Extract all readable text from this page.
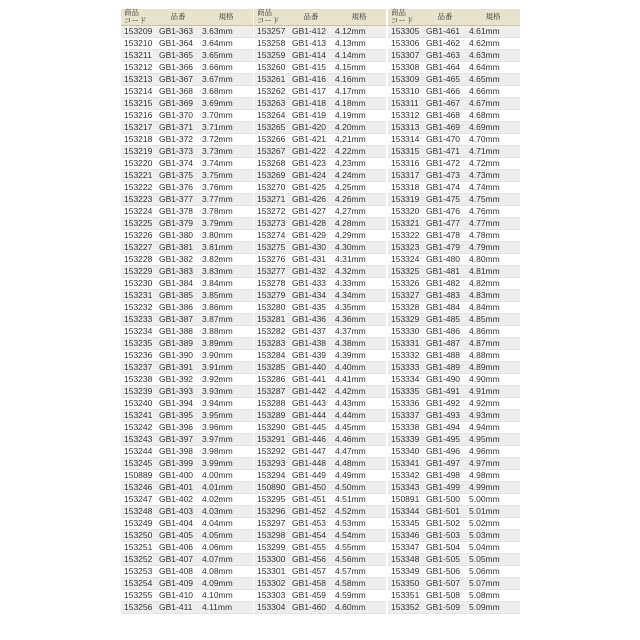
商品
コード	品番	規格
153209	GB1-363	3.63mm
153210	GB1-364	3.64mm
153211	GB1-365	3.65mm
153212	GB1-366	3.66mm
153213	GB1-367	3.67mm
153214	GB1-368	3.68mm
153215	GB1-369	3.69mm
153216	GB1-370	3.70mm
153217	GB1-371	3.71mm
153218	GB1-372	3.72mm
153219	GB1-373	3.73mm
153220	GB1-374	3.74mm
153221	GB1-375	3.75mm
153222	GB1-376	3.76mm
153223	GB1-377	3.77mm
153224	GB1-378	3.78mm
153225	GB1-379	3.79mm
153226	GB1-380	3.80mm
153227	GB1-381	3.81mm
153228	GB1-382	3.82mm
153229	GB1-383	3.83mm
153230	GB1-384	3.84mm
153231	GB1-385	3.85mm
153232	GB1-386	3.86mm
153233	GB1-387	3.87mm
153234	GB1-388	3.88mm
153235	GB1-389	3.89mm
153236	GB1-390	3.90mm
153237	GB1-391	3.91mm
153238	GB1-392	3.92mm
153239	GB1-393	3.93mm
153240	GB1-394	3.94mm
153241	GB1-395	3.95mm
153242	GB1-396	3.96mm
153243	GB1-397	3.97mm
153244	GB1-398	3.98mm
153245	GB1-399	3.99mm
150889	GB1-400	4.00mm
153246	GB1-401	4.01mm
153247	GB1-402	4.02mm
153248	GB1-403	4.03mm
153249	GB1-404	4.04mm
153250	GB1-405	4.05mm
153251	GB1-406	4.06mm
153252	GB1-407	4.07mm
153253	GB1-408	4.08mm
153254	GB1-409	4.09mm
153255	GB1-410	4.10mm
153256	GB1-411	4.11mm
商品
コード	品番	規格
153257	GB1-412	4.12mm
153258	GB1-413	4.13mm
153259	GB1-414	4.14mm
153260	GB1-415	4.15mm
153261	GB1-416	4.16mm
153262	GB1-417	4.17mm
153263	GB1-418	4.18mm
153264	GB1-419	4.19mm
153265	GB1-420	4.20mm
153266	GB1-421	4.21mm
153267	GB1-422	4.22mm
153268	GB1-423	4.23mm
153269	GB1-424	4.24mm
153270	GB1-425	4.25mm
153271	GB1-426	4.26mm
153272	GB1-427	4.27mm
153273	GB1-428	4.28mm
153274	GB1-429	4.29mm
153275	GB1-430	4.30mm
153276	GB1-431	4.31mm
153277	GB1-432	4.32mm
153278	GB1-433	4.33mm
153279	GB1-434	4.34mm
153280	GB1-435	4.35mm
153281	GB1-436	4.36mm
153282	GB1-437	4.37mm
153283	GB1-438	4.38mm
153284	GB1-439	4.39mm
153285	GB1-440	4.40mm
153286	GB1-441	4.41mm
153287	GB1-442	4.42mm
153288	GB1-443	4.43mm
153289	GB1-444	4.44mm
153290	GB1-445	4.45mm
153291	GB1-446	4.46mm
153292	GB1-447	4.47mm
153293	GB1-448	4.48mm
153294	GB1-449	4.49mm
150890	GB1-450	4.50mm
153295	GB1-451	4.51mm
153296	GB1-452	4.52mm
153297	GB1-453	4.53mm
153298	GB1-454	4.54mm
153299	GB1-455	4.55mm
153300	GB1-456	4.56mm
153301	GB1-457	4.57mm
153302	GB1-458	4.58mm
153303	GB1-459	4.59mm
153304	GB1-460	4.60mm
商品
コード	品番	規格
153305	GB1-461	4.61mm
153306	GB1-462	4.62mm
153307	GB1-463	4.63mm
153308	GB1-464	4.64mm
153309	GB1-465	4.65mm
153310	GB1-466	4.66mm
153311	GB1-467	4.67mm
153312	GB1-468	4.68mm
153313	GB1-469	4.69mm
153314	GB1-470	4.70mm
153315	GB1-471	4.71mm
153316	GB1-472	4.72mm
153317	GB1-473	4.73mm
153318	GB1-474	4.74mm
153319	GB1-475	4.75mm
153320	GB1-476	4.76mm
153321	GB1-477	4.77mm
153322	GB1-478	4.78mm
153323	GB1-479	4.79mm
153324	GB1-480	4.80mm
153325	GB1-481	4.81mm
153326	GB1-482	4.82mm
153327	GB1-483	4.83mm
153328	GB1-484	4.84mm
153329	GB1-485	4.85mm
153330	GB1-486	4.86mm
153331	GB1-487	4.87mm
153332	GB1-488	4.88mm
153333	GB1-489	4.89mm
153334	GB1-490	4.90mm
153335	GB1-491	4.91mm
153336	GB1-492	4.92mm
153337	GB1-493	4.93mm
153338	GB1-494	4.94mm
153339	GB1-495	4.95mm
153340	GB1-496	4.96mm
153341	GB1-497	4.97mm
153342	GB1-498	4.98mm
153343	GB1-499	4.99mm
150891	GB1-500	5.00mm
153344	GB1-501	5.01mm
153345	GB1-502	5.02mm
153346	GB1-503	5.03mm
153347	GB1-504	5.04mm
153348	GB1-505	5.05mm
153349	GB1-506	5.06mm
153350	GB1-507	5.07mm
153351	GB1-508	5.08mm
153352	GB1-509	5.09mm
